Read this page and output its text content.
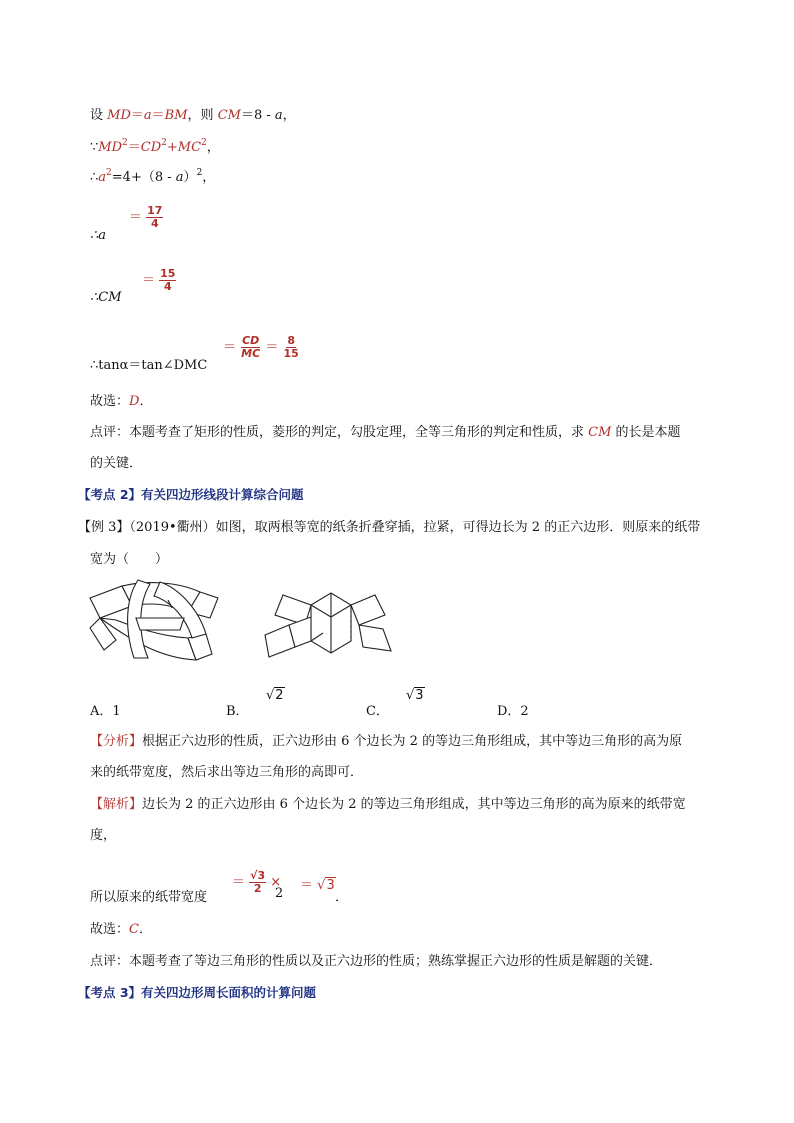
设 MD＝a＝BM，则 CM＝8 - a，
$\because MD^2=CD^2+MC^2$，
$\therefore a^2=4+(8 - a)^2$，
∴a
＝ $\frac{17}{4}$
∴CM
＝ $\frac{15}{4}$
∴tanα＝tan∠DMC
＝ $\frac{CD}{MC} = \frac{8}{15}$
故选：D．
点评：本题考查了矩形的性质，菱形的判定，勾股定理，全等三角形的判定和性质，求 CM 的长是本题
的关键．
【考点 2】有关四边形线段计算综合问题
【例 3】（2019•衢州）如图，取两根等宽的纸条折叠穿插，拉紧，可得边长为 2 的正六边形．则原来的纸带
宽为（　　）
A．1	B．
√2
C．
√3
D．2
【分析】根据正六边形的性质，正六边形由 6 个边长为 2 的等边三角形组成，其中等边三角形的高为原
来的纸带宽度，然后求出等边三角形的高即可．
【解析】边长为 2 的正六边形由 6 个边长为 2 的等边三角形组成，其中等边三角形的高为原来的纸带宽
度，
所以原来的纸带宽度
＝ $\frac{√3}{2}$ ×
2
＝ √3
．
故选：C．
点评：本题考查了等边三角形的性质以及正六边形的性质；熟练掌握正六边形的性质是解题的关键．
【考点 3】有关四边形周长面积的计算问题
